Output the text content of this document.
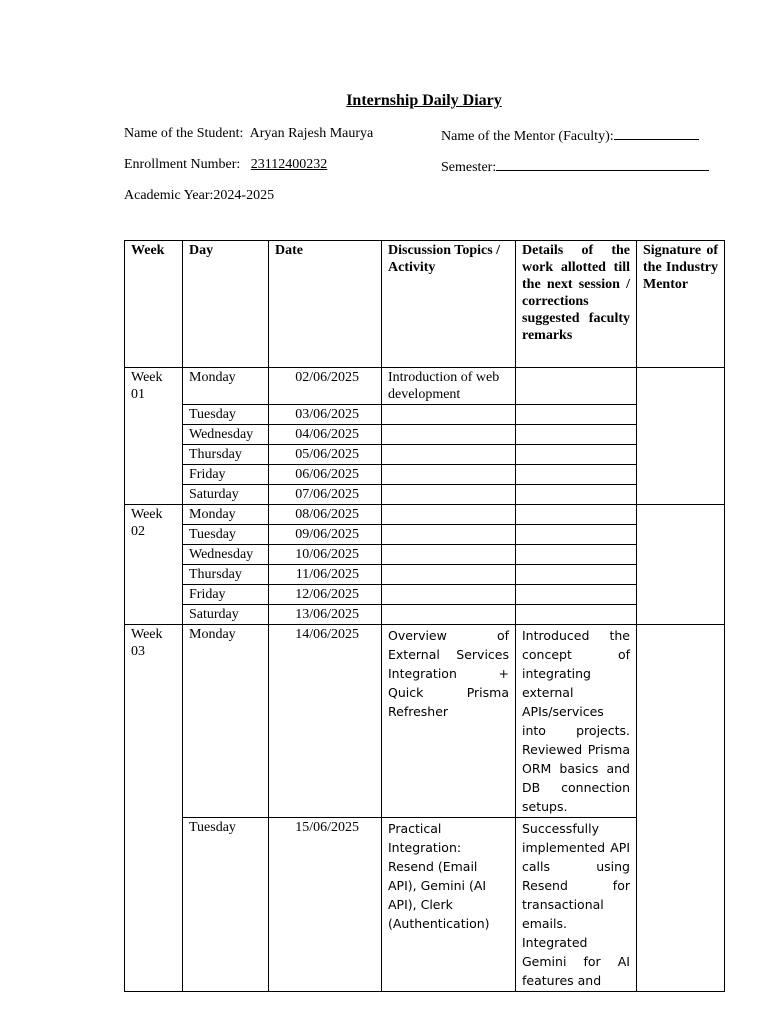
Internship Daily Diary
Name of the Student: Aryan Rajesh Maurya	Name of the Mentor (Faculty):
Enrollment Number: 23112400232	Semester:
Academic Year:2024-2025
Week	Day	Date	Discussion Topics / Activity	Details of the work allotted till the next session / corrections suggested faculty remarks	Signature of the Industry Mentor
Week 01	Monday	02/06/2025	Introduction of web development		
	Tuesday	03/06/2025			
	Wednesday	04/06/2025			
	Thursday	05/06/2025			
	Friday	06/06/2025			
	Saturday	07/06/2025			
Week 02	Monday	08/06/2025			
	Tuesday	09/06/2025			
	Wednesday	10/06/2025			
	Thursday	11/06/2025			
	Friday	12/06/2025			
	Saturday	13/06/2025			
Week 03	Monday	14/06/2025	Overview of External Services Integration + Quick Prisma Refresher	Introduced the concept of integrating external APIs/services into projects. Reviewed Prisma ORM basics and DB connection setups.	
	Tuesday	15/06/2025	Practical Integration: Resend (Email API), Gemini (AI API), Clerk (Authentication)	Successfully implemented API calls using Resend for transactional emails. Integrated Gemini for AI features and	
